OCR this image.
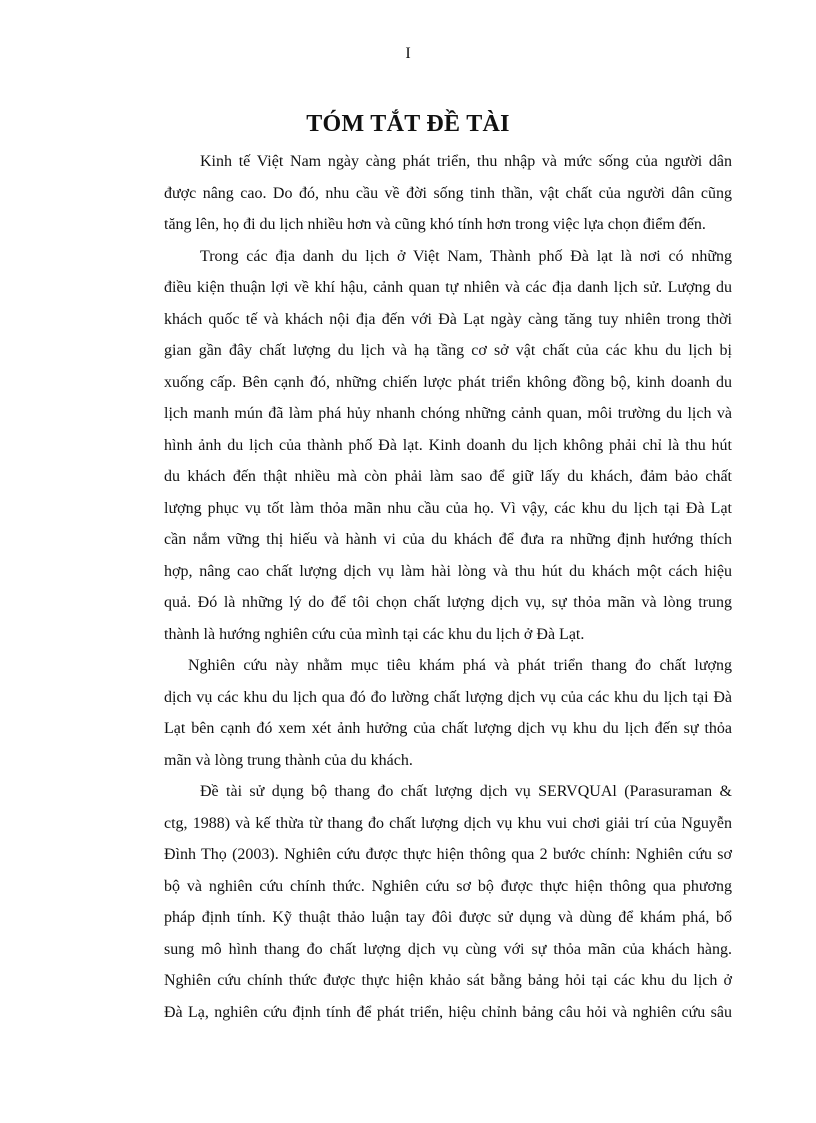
I
TÓM TẮT ĐỀ TÀI
Kinh tế Việt Nam ngày càng phát triển, thu nhập và mức sống của người dân
được nâng cao. Do đó, nhu cầu về đời sống tinh thần, vật chất của người dân cũng
tăng lên, họ đi du lịch nhiều hơn và cũng khó tính hơn trong việc lựa chọn điểm đến.
Trong các địa danh du lịch ở Việt Nam, Thành phố Đà lạt là nơi có những
điều kiện thuận lợi về khí hậu, cảnh quan tự nhiên và các địa danh lịch sử. Lượng du
khách quốc tế và khách nội địa đến với Đà Lạt ngày càng tăng tuy nhiên trong thời
gian gần đây chất lượng du lịch và hạ tầng cơ sở vật chất của các khu du lịch bị
xuống cấp. Bên cạnh đó, những chiến lược phát triển không đồng bộ, kinh doanh du
lịch manh mún đã làm phá hủy nhanh chóng những cảnh quan, môi trường du lịch và
hình ảnh du lịch của thành phố Đà lạt. Kinh doanh du lịch không phải chỉ là thu hút
du khách đến thật nhiều mà còn phải làm sao để giữ lấy du khách, đảm bảo chất
lượng phục vụ tốt làm thỏa mãn nhu cầu của họ. Vì vậy, các khu du lịch tại Đà Lạt
cần nắm vững thị hiếu và hành vi của du khách để đưa ra những định hướng thích
hợp, nâng cao chất lượng dịch vụ làm hài lòng và thu hút du khách một cách hiệu
quả. Đó là những lý do để tôi chọn chất lượng dịch vụ, sự thỏa mãn và lòng trung
thành là hướng nghiên cứu của mình tại các khu du lịch ở Đà Lạt.
Nghiên cứu này nhằm mục tiêu khám phá và phát triển thang đo chất lượng
dịch vụ các khu du lịch qua đó đo lường chất lượng dịch vụ của các khu du lịch tại Đà
Lạt bên cạnh đó xem xét ảnh hưởng của chất lượng dịch vụ khu du lịch đến sự thỏa
mãn và lòng trung thành của du khách.
Đề tài sử dụng bộ thang đo chất lượng dịch vụ SERVQUAl (Parasuraman &
ctg, 1988) và kế thừa từ thang đo chất lượng dịch vụ khu vui chơi giải trí của Nguyễn
Đình Thọ (2003). Nghiên cứu được thực hiện thông qua 2 bước chính: Nghiên cứu sơ
bộ và nghiên cứu chính thức. Nghiên cứu sơ bộ được thực hiện thông qua phương
pháp định tính. Kỹ thuật thảo luận tay đôi được sử dụng và dùng để khám phá, bổ
sung mô hình thang đo chất lượng dịch vụ cùng với sự thỏa mãn của khách hàng.
Nghiên cứu chính thức được thực hiện khảo sát bằng bảng hỏi tại các khu du lịch ở
Đà Lạ, nghiên cứu định tính để phát triển, hiệu chỉnh bảng câu hỏi và nghiên cứu sâu
